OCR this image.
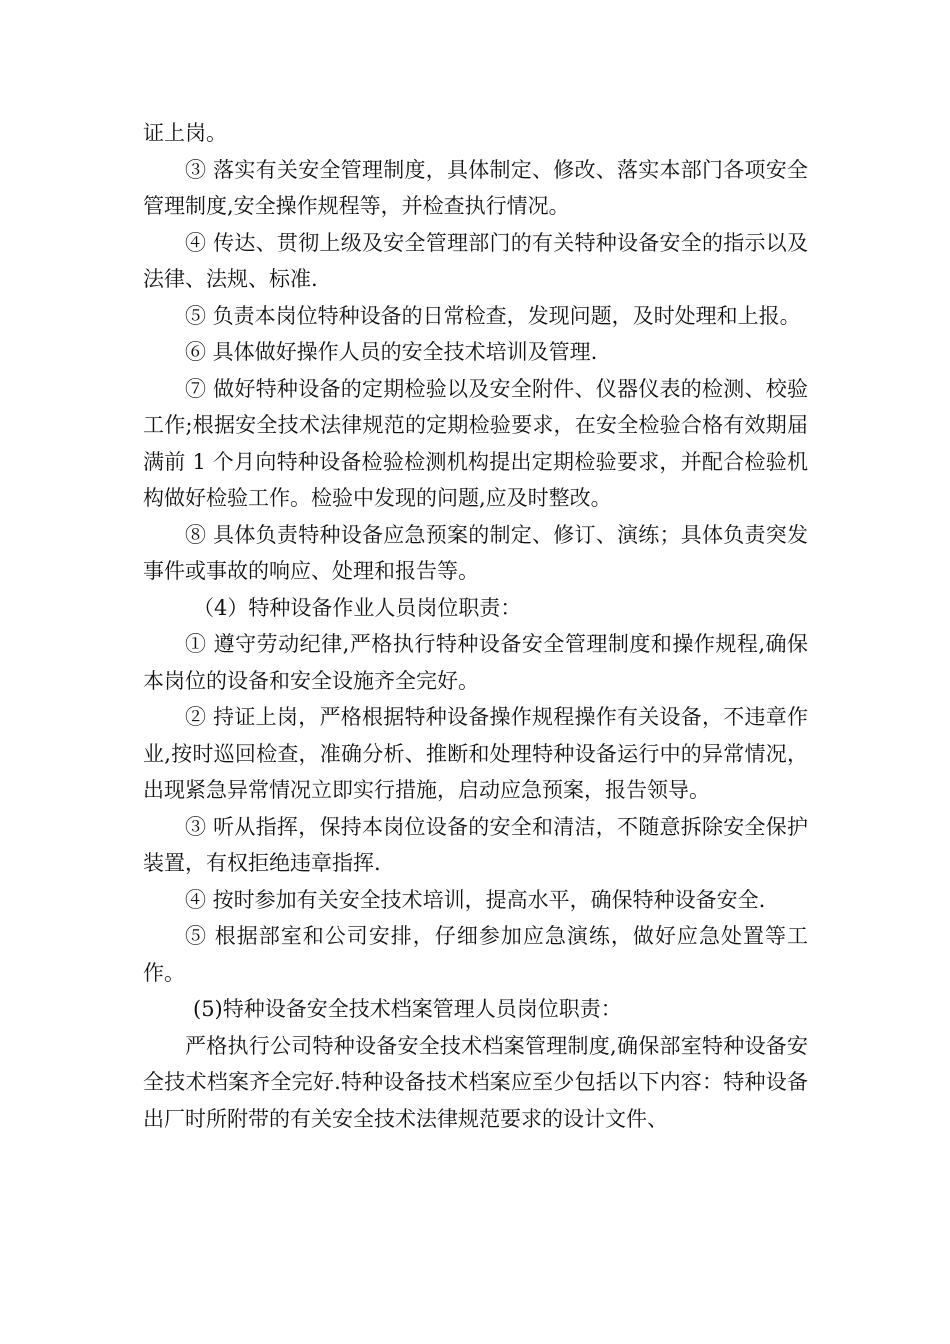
证上岗。

③ 落实有关安全管理制度，具体制定、修改、落实本部门各项安全管理制度,安全操作规程等，并检查执行情况。

④ 传达、贯彻上级及安全管理部门的有关特种设备安全的指示以及法律、法规、标准.

⑤ 负责本岗位特种设备的日常检查，发现问题，及时处理和上报。

⑥ 具体做好操作人员的安全技术培训及管理.

⑦ 做好特种设备的定期检验以及安全附件、仪器仪表的检测、校验工作;根据安全技术法律规范的定期检验要求，在安全检验合格有效期届满前 1 个月向特种设备检验检测机构提出定期检验要求，并配合检验机构做好检验工作。检验中发现的问题,应及时整改。

⑧ 具体负责特种设备应急预案的制定、修订、演练；具体负责突发事件或事故的响应、处理和报告等。

（4）特种设备作业人员岗位职责：

① 遵守劳动纪律,严格执行特种设备安全管理制度和操作规程,确保本岗位的设备和安全设施齐全完好。

② 持证上岗，严格根据特种设备操作规程操作有关设备，不违章作业,按时巡回检查，准确分析、推断和处理特种设备运行中的异常情况，出现紧急异常情况立即实行措施，启动应急预案，报告领导。

③ 听从指挥，保持本岗位设备的安全和清洁，不随意拆除安全保护装置，有权拒绝违章指挥.

④ 按时参加有关安全技术培训，提高水平，确保特种设备安全.

⑤ 根据部室和公司安排，仔细参加应急演练，做好应急处置等工作。

(5)特种设备安全技术档案管理人员岗位职责：

严格执行公司特种设备安全技术档案管理制度,确保部室特种设备安全技术档案齐全完好.特种设备技术档案应至少包括以下内容：特种设备出厂时所附带的有关安全技术法律规范要求的设计文件、
